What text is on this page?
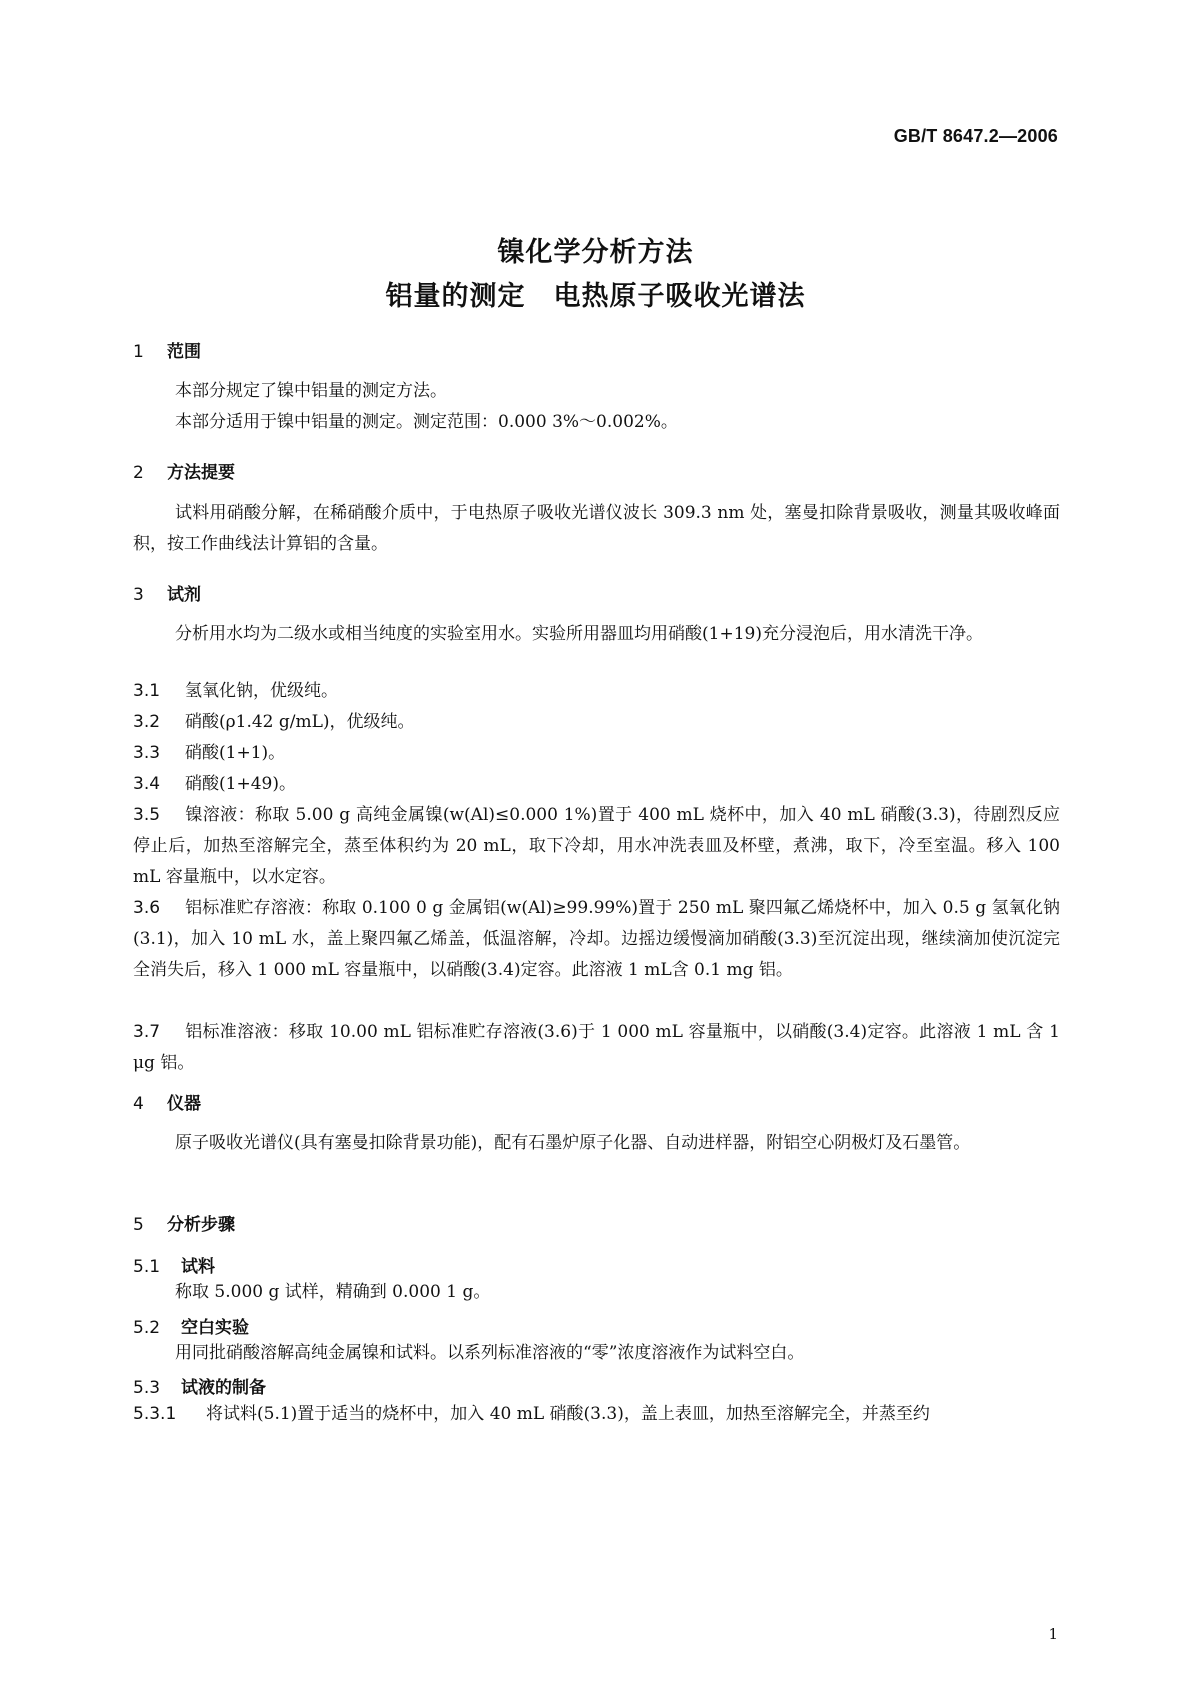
GB/T 8647.2—2006
镍化学分析方法
铝量的测定　电热原子吸收光谱法
1 范围
本部分规定了镍中铝量的测定方法。
本部分适用于镍中铝量的测定。测定范围：0.000 3%～0.002%。
2 方法提要
试料用硝酸分解，在稀硝酸介质中，于电热原子吸收光谱仪波长 309.3 nm 处，塞曼扣除背景吸收，测量其吸收峰面积，按工作曲线法计算铝的含量。
3 试剂
分析用水均为二级水或相当纯度的实验室用水。实验所用器皿均用硝酸(1+19)充分浸泡后，用水清洗干净。
3.1 氢氧化钠，优级纯。
3.2 硝酸(ρ1.42 g/mL)，优级纯。
3.3 硝酸(1+1)。
3.4 硝酸(1+49)。
3.5 镍溶液：称取 5.00 g 高纯金属镍(w(Al)≤0.000 1%)置于 400 mL 烧杯中，加入 40 mL 硝酸(3.3)，待剧烈反应停止后，加热至溶解完全，蒸至体积约为 20 mL，取下冷却，用水冲洗表皿及杯壁，煮沸，取下，冷至室温。移入 100 mL 容量瓶中，以水定容。
3.6 铝标准贮存溶液：称取 0.100 0 g 金属铝(w(Al)≥99.99%)置于 250 mL 聚四氟乙烯烧杯中，加入 0.5 g 氢氧化钠(3.1)，加入 10 mL 水，盖上聚四氟乙烯盖，低温溶解，冷却。边摇边缓慢滴加硝酸(3.3)至沉淀出现，继续滴加使沉淀完全消失后，移入 1 000 mL 容量瓶中，以硝酸(3.4)定容。此溶液 1 mL含 0.1 mg 铝。
3.7 铝标准溶液：移取 10.00 mL 铝标准贮存溶液(3.6)于 1 000 mL 容量瓶中，以硝酸(3.4)定容。此溶液 1 mL 含 1 μg 铝。
4 仪器
原子吸收光谱仪(具有塞曼扣除背景功能)，配有石墨炉原子化器、自动进样器，附铝空心阴极灯及石墨管。
5 分析步骤
5.1 试料
称取 5.000 g 试样，精确到 0.000 1 g。
5.2 空白实验
用同批硝酸溶解高纯金属镍和试料。以系列标准溶液的“零”浓度溶液作为试料空白。
5.3 试液的制备
5.3.1 将试料(5.1)置于适当的烧杯中，加入 40 mL 硝酸(3.3)，盖上表皿，加热至溶解完全，并蒸至约
1
